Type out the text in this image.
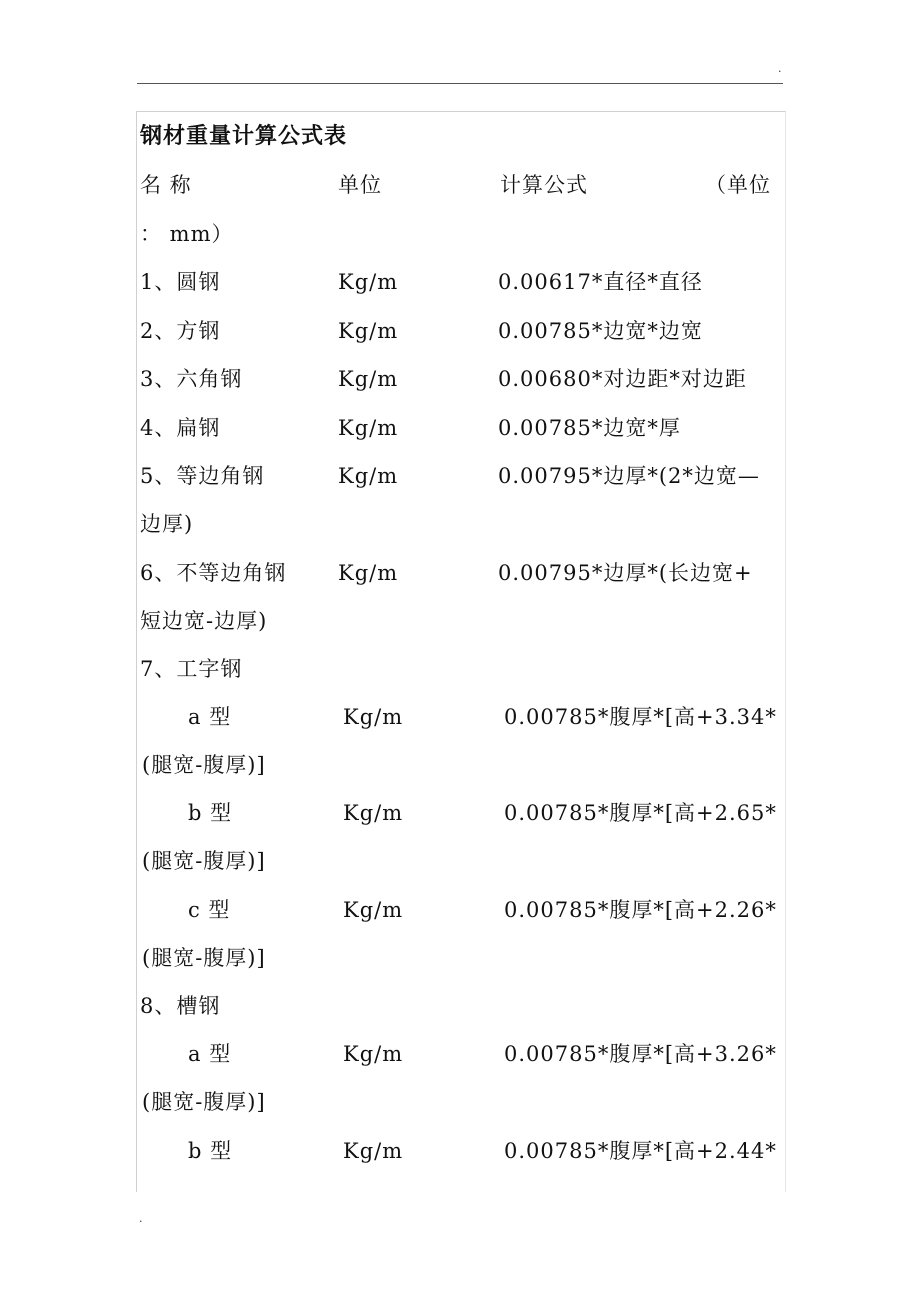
.
钢材重量计算公式表
名 称	单位	计算公式	（单位
： mm）
1、圆钢	Kg/m	0.00617*直径*直径
2、方钢	Kg/m	0.00785*边宽*边宽
3、六角钢	Kg/m	0.00680*对边距*对边距
4、扁钢	Kg/m	0.00785*边宽*厚
5、等边角钢	Kg/m	0.00795*边厚*(2*边宽—
边厚)
6、不等边角钢 Kg/m	0.00795*边厚*(长边宽+
短边宽-边厚)
7、工字钢
a 型	Kg/m	0.00785*腹厚*[高+3.34*
(腿宽-腹厚)]
b 型	Kg/m	0.00785*腹厚*[高+2.65*
(腿宽-腹厚)]
c 型	Kg/m	0.00785*腹厚*[高+2.26*
(腿宽-腹厚)]
8、槽钢
a 型	Kg/m	0.00785*腹厚*[高+3.26*
(腿宽-腹厚)]
b 型	Kg/m	0.00785*腹厚*[高+2.44*
.
